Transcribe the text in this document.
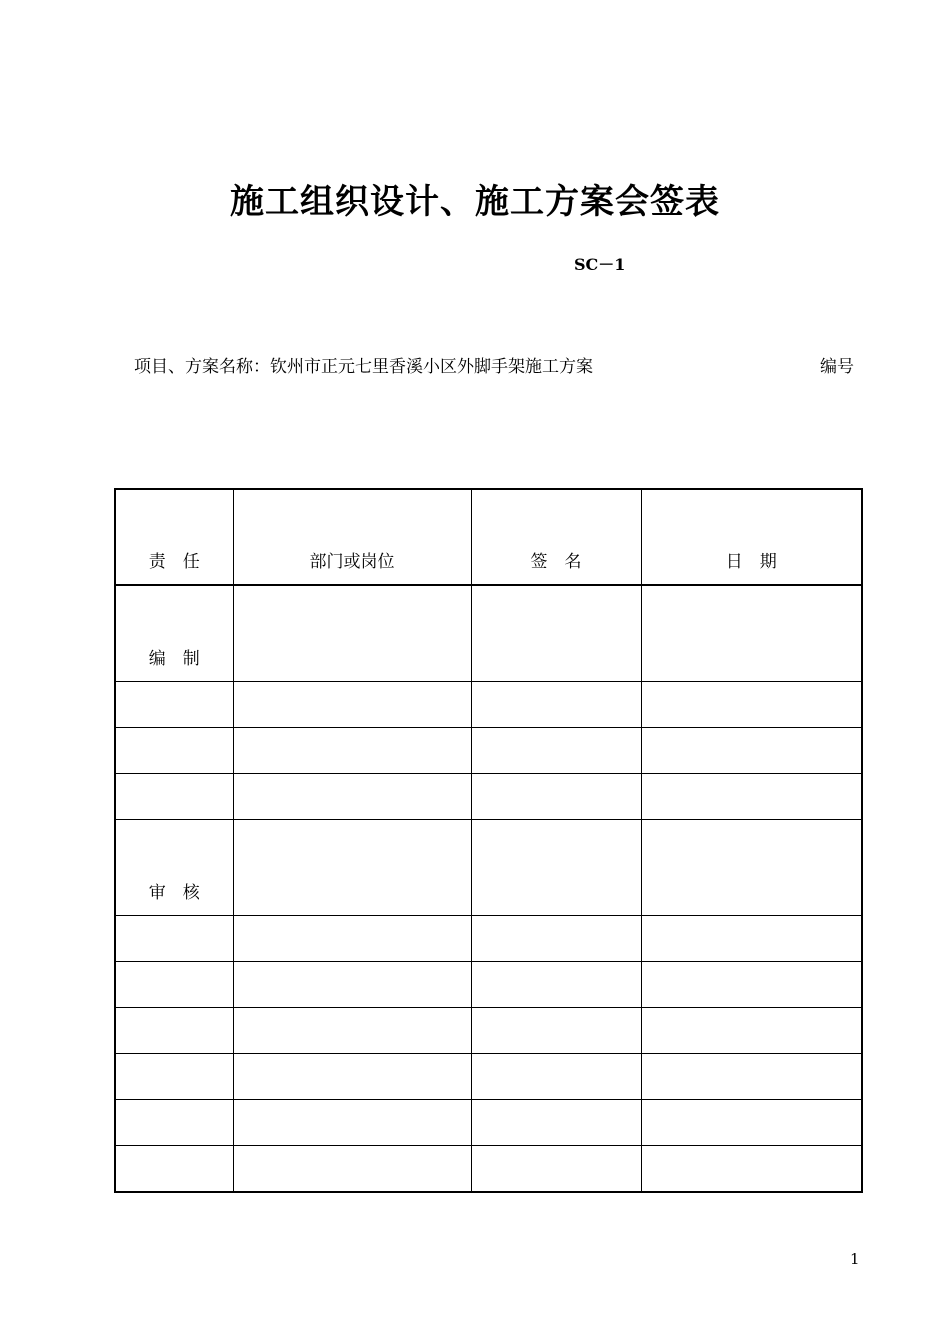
施工组织设计、施工方案会签表
SC－1
项目、方案名称：钦州市正元七里香溪小区外脚手架施工方案	编号
责　任	部门或岗位	签　名	日　期
编　制			

审　核			

1
